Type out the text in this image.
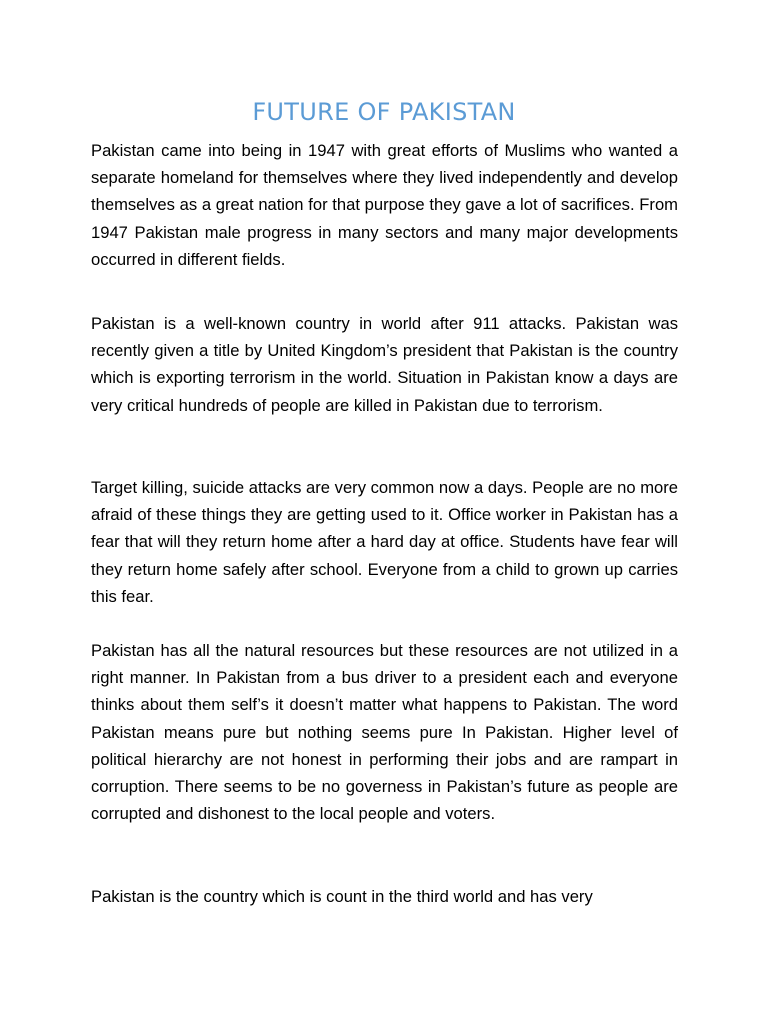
FUTURE OF PAKISTAN

Pakistan came into being in 1947 with great efforts of Muslims who wanted a separate homeland for themselves where they lived independently and develop themselves as a great nation for that purpose they gave a lot of sacrifices. From 1947 Pakistan male progress in many sectors and many major developments occurred in different fields.

Pakistan is a well-known country in world after 911 attacks. Pakistan was recently given a title by United Kingdom’s president that Pakistan is the country which is exporting terrorism in the world. Situation in Pakistan know a days are very critical hundreds of people are killed in Pakistan due to terrorism.

Target killing, suicide attacks are very common now a days. People are no more afraid of these things they are getting used to it. Office worker in Pakistan has a fear that will they return home after a hard day at office. Students have fear will they return home safely after school. Everyone from a child to grown up carries this fear.

Pakistan has all the natural resources but these resources are not utilized in a right manner. In Pakistan from a bus driver to a president each and everyone thinks about them self’s it doesn’t matter what happens to Pakistan. The word Pakistan means pure but nothing seems pure In Pakistan. Higher level of political hierarchy are not honest in performing their jobs and are rampart in corruption. There seems to be no governess in Pakistan’s future as people are corrupted and dishonest to the local people and voters.

Pakistan is the country which is count in the third world and has very
